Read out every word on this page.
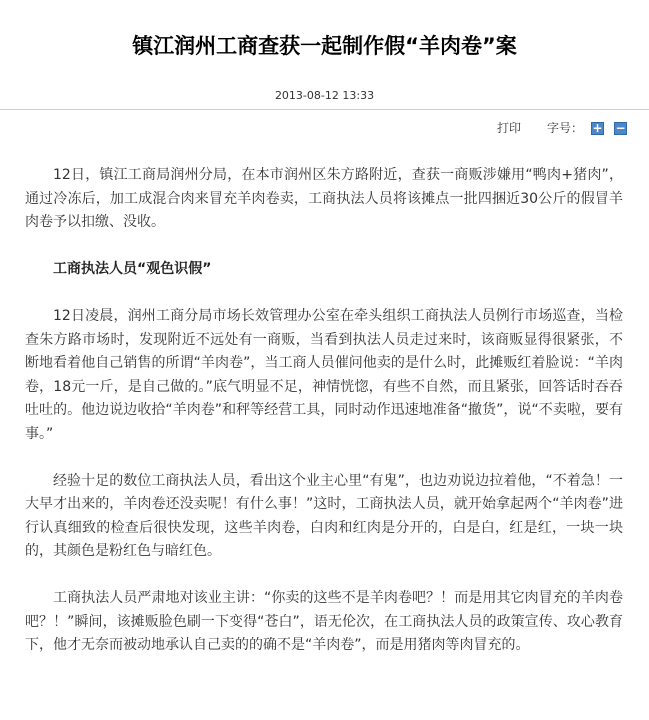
镇江润州工商查获一起制作假“羊肉卷”案
2013-08-12 13:33
打印 字号： + −

12日，镇江工商局润州分局，在本市润州区朱方路附近，查获一商贩涉嫌用“鸭肉+猪肉”，通过冷冻后，加工成混合肉来冒充羊肉卷卖，工商执法人员将该摊点一批四捆近30公斤的假冒羊肉卷予以扣缴、没收。

工商执法人员“观色识假”

12日凌晨，润州工商分局市场长效管理办公室在牵头组织工商执法人员例行市场巡查，当检查朱方路市场时，发现附近不远处有一商贩，当看到执法人员走过来时，该商贩显得很紧张，不断地看着他自己销售的所谓“羊肉卷”，当工商人员催问他卖的是什么时，此摊贩红着脸说：“羊肉卷，18元一斤，是自己做的。”底气明显不足，神情恍惚，有些不自然，而且紧张，回答话时吞吞吐吐的。他边说边收拾“羊肉卷”和秤等经营工具，同时动作迅速地准备“撤货”，说“不卖啦，要有事。”

经验十足的数位工商执法人员，看出这个业主心里“有鬼”，也边劝说边拉着他，“不着急！一大早才出来的，羊肉卷还没卖呢！有什么事！”这时，工商执法人员，就开始拿起两个“羊肉卷”进行认真细致的检查后很快发现，这些羊肉卷，白肉和红肉是分开的，白是白，红是红，一块一块的，其颜色是粉红色与暗红色。

工商执法人员严肃地对该业主讲：“你卖的这些不是羊肉卷吧？！而是用其它肉冒充的羊肉卷吧？！”瞬间，该摊贩脸色刷一下变得“苍白”，语无伦次，在工商执法人员的政策宣传、攻心教育下，他才无奈而被动地承认自己卖的的确不是“羊肉卷”，而是用猪肉等肉冒充的。
